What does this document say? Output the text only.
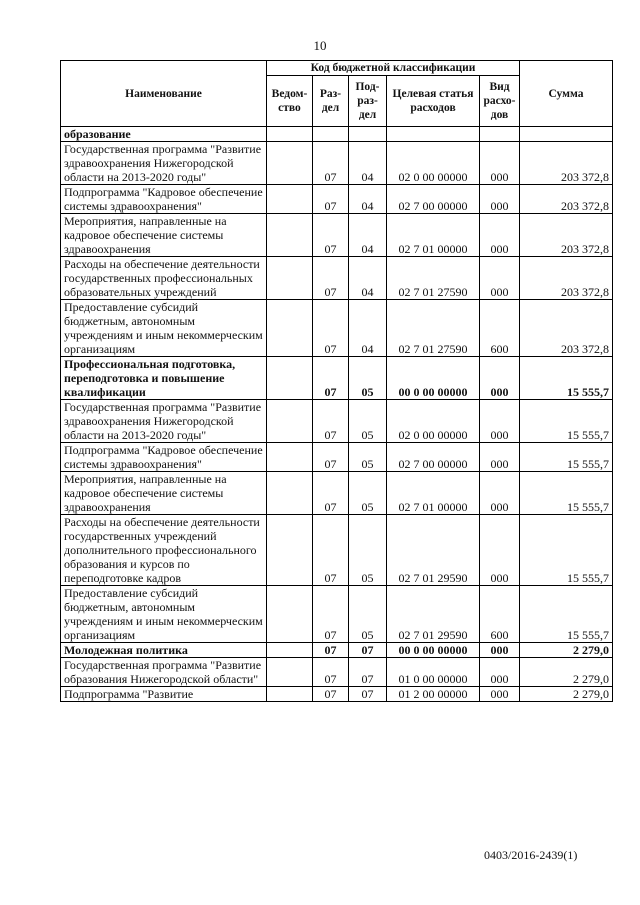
10
Наименование	Код бюджетной классификации					Сумма
	Ведом-ство	Раз-дел	Под-раз-дел	Целевая статья расходов	Вид расхо-дов	
образование						
Государственная программа "Развитие здравоохранения Нижегородской области на 2013-2020 годы"		07	04	02 0 00 00000	000	203 372,8
Подпрограмма "Кадровое обеспечение системы здравоохранения"		07	04	02 7 00 00000	000	203 372,8
Мероприятия, направленные на кадровое обеспечение системы здравоохранения		07	04	02 7 01 00000	000	203 372,8
Расходы на обеспечение деятельности государственных профессиональных образовательных учреждений		07	04	02 7 01 27590	000	203 372,8
Предоставление субсидий бюджетным, автономным учреждениям и иным некоммерческим организациям		07	04	02 7 01 27590	600	203 372,8
Профессиональная подготовка, переподготовка и повышение квалификации		07	05	00 0 00 00000	000	15 555,7
Государственная программа "Развитие здравоохранения Нижегородской области на 2013-2020 годы"		07	05	02 0 00 00000	000	15 555,7
Подпрограмма "Кадровое обеспечение системы здравоохранения"		07	05	02 7 00 00000	000	15 555,7
Мероприятия, направленные на кадровое обеспечение системы здравоохранения		07	05	02 7 01 00000	000	15 555,7
Расходы на обеспечение деятельности государственных учреждений дополнительного профессионального образования и курсов по переподготовке кадров		07	05	02 7 01 29590	000	15 555,7
Предоставление субсидий бюджетным, автономным учреждениям и иным некоммерческим организациям		07	05	02 7 01 29590	600	15 555,7
Молодежная политика		07	07	00 0 00 00000	000	2 279,0
Государственная программа "Развитие образования Нижегородской области"		07	07	01 0 00 00000	000	2 279,0
Подпрограмма "Развитие		07	07	01 2 00 00000	000	2 279,0
0403/2016-2439(1)
